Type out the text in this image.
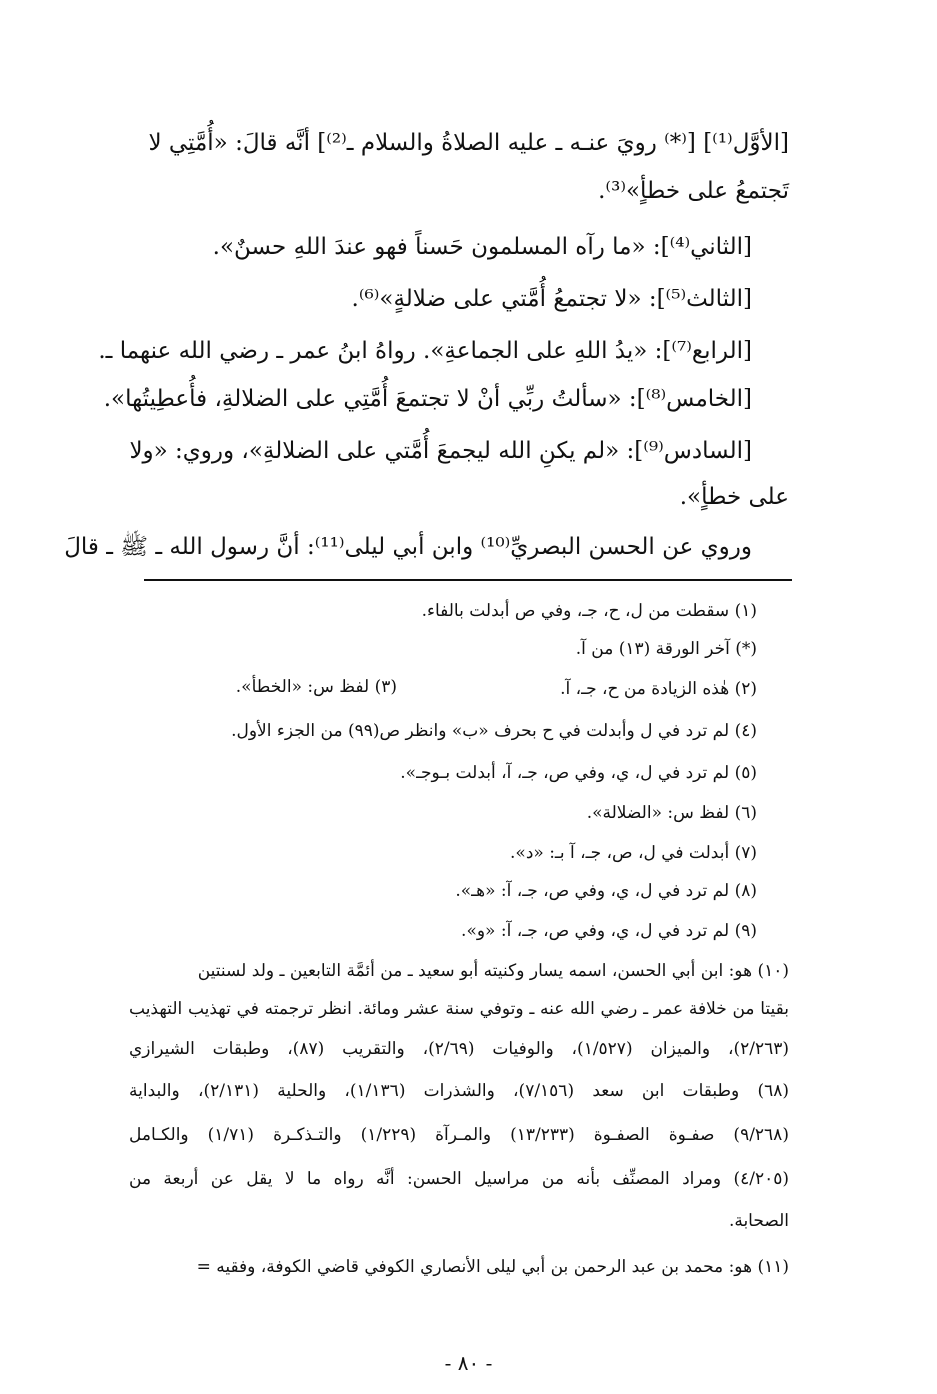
[الأوَّل⁽¹⁾] [⁽*⁾ رويَ عنـه ـ عليه الصلاةُ والسلام ـ⁽²⁾] أنَّه قالَ: «أُمَّتِي لا
تَجتمعُ على خطأٍ»⁽³⁾.
[الثاني⁽⁴⁾]: «ما رآه المسلمون حَسناً فهو عندَ اللهِ حسنٌ».
[الثالث⁽⁵⁾]: «لا تجتمعُ أُمَّتي على ضلالةٍ»⁽⁶⁾.
[الرابع⁽⁷⁾]: «يدُ اللهِ على الجماعةِ». رواهُ ابنُ عمر ـ رضي الله عنهما ـ.
[الخامس⁽⁸⁾]: «سألتُ ربِّي أنْ لا تجتمعَ أُمَّتِي على الضلالةِ، فأُعطِيتُها».
[السادس⁽⁹⁾]: «لم يكنِ الله ليجمعَ أُمَّتي على الضلالةِ»، وروي: «ولا
على خطأٍ».
وروي عن الحسن البصريِّ⁽¹⁰⁾ وابن أبي ليلى⁽¹¹⁾: أنَّ رسول الله ـ ﷺ ـ قالَ
(١) سقطت من ل، ح، جـ، وفي ص أبدلت بالفاء.
(*) آخر الورقة (١٣) من آ.
(٢) هٰذه الزيادة من ح، جـ، آ.
(٣) لفظ س: «الخطأ».
(٤) لم ترد في ل وأبدلت في ح بحرف «ب» وانظر ص(٩٩) من الجزء الأول.
(٥) لم ترد في ل، ي، وفي ص، جـ، آ، أبدلت بـوجـ».
(٦) لفظ س: «الضلالة».
(٧) أبدلت في ل، ص، جـ، آ بـ: «د».
(٨) لم ترد في ل، ي، وفي ص، جـ، آ: «هـ».
(٩) لم ترد في ل، ي، وفي ص، جـ، آ: «و».
(١٠) هو: ابن أبي الحسن، اسمه يسار وكنيته أبو سعيد ـ من أئمَّة التابعين ـ ولد لسنتين
بقيتا من خلافة عمر ـ رضي الله عنه ـ وتوفي سنة عشر ومائة. انظر ترجمته في تهذيب التهذيب
(٢/٢٦٣)، والميزان (١/٥٢٧)، والوفيات (٢/٦٩)، والتقريب (٨٧)، وطبقات الشيرازي
(٦٨) وطبقات ابن سعد (٧/١٥٦)، والشذرات (١/١٣٦)، والحلية (٢/١٣١)، والبداية
(٩/٢٦٨) صفـوة الصفـوة (١٣/٢٣٣) والمـرآة (١/٢٢٩) والتـذكـرة (١/٧١) والكـامل
(٤/٢٠٥) ومراد المصنِّف بأنه من مراسيل الحسن: أنَّه رواه ما لا يقل عن أربعة من
الصحابة.
(١١) هو: محمد بن عبد الرحمن بن أبي ليلى الأنصاري الكوفي قاضي الكوفة، وفقيه =
- ٨٠ -
